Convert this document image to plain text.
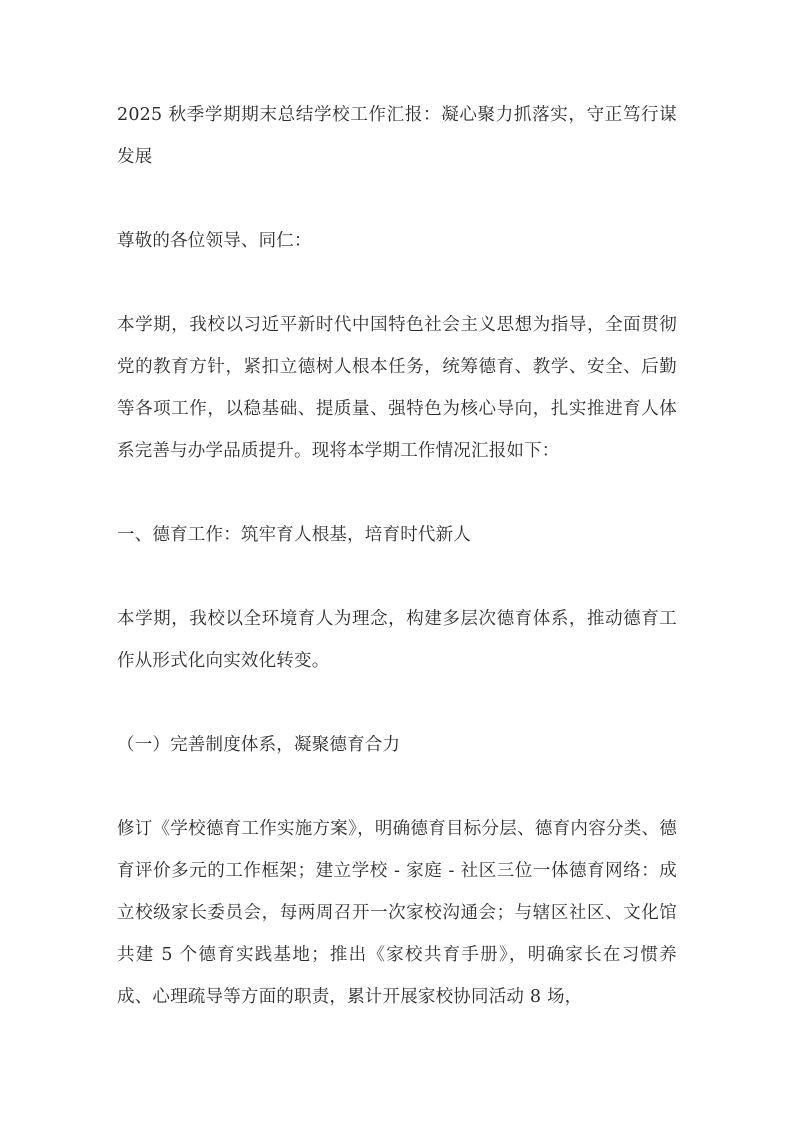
2025 秋季学期期末总结学校工作汇报：凝心聚力抓落实，守正笃行谋发展

尊敬的各位领导、同仁：

本学期，我校以习近平新时代中国特色社会主义思想为指导，全面贯彻党的教育方针，紧扣立德树人根本任务，统筹德育、教学、安全、后勤等各项工作，以稳基础、提质量、强特色为核心导向，扎实推进育人体系完善与办学品质提升。现将本学期工作情况汇报如下：

一、德育工作：筑牢育人根基，培育时代新人

本学期，我校以全环境育人为理念，构建多层次德育体系，推动德育工作从形式化向实效化转变。

（一）完善制度体系，凝聚德育合力

修订《学校德育工作实施方案》，明确德育目标分层、德育内容分类、德育评价多元的工作框架；建立学校 - 家庭 - 社区三位一体德育网络：成立校级家长委员会，每两周召开一次家校沟通会；与辖区社区、文化馆共建 5 个德育实践基地；推出《家校共育手册》，明确家长在习惯养成、心理疏导等方面的职责，累计开展家校协同活动 8 场，
